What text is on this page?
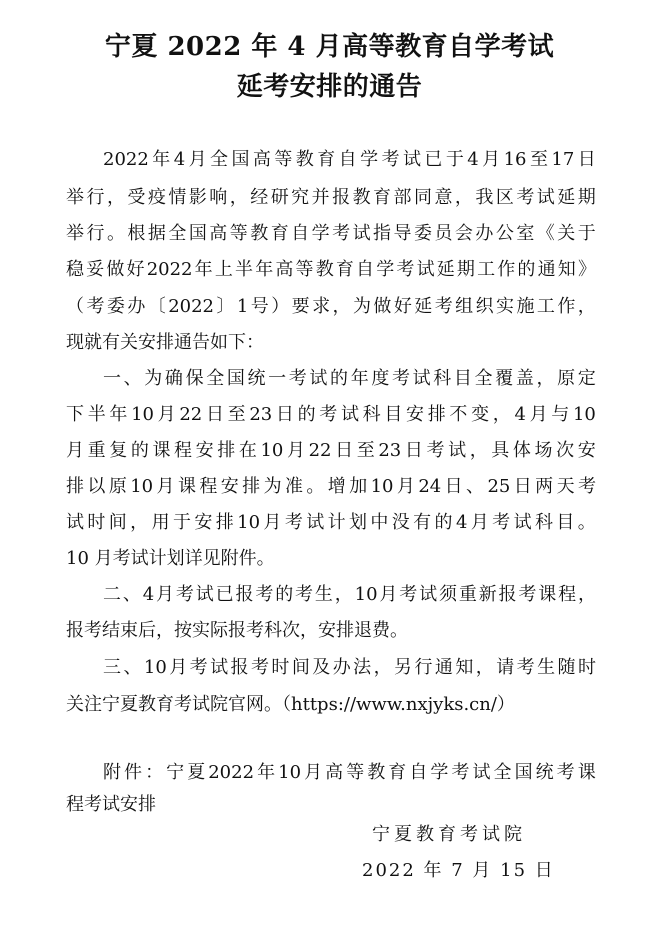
宁夏 2022 年 4 月高等教育自学考试
延考安排的通告
2022 年 4 月 全 国 高 等 教 育 自 学 考 试 已 于 4 月 16 至 17 日
举 行 ， 受 疫 情 影 响 ， 经 研 究 并 报 教 育 部 同 意 ， 我 区 考 试 延 期
举 行 。 根 据 全 国 高 等 教 育 自 学 考 试 指 导 委 员 会 办 公 室 《 关 于
稳 妥 做 好 2022 年 上 半 年 高 等 教 育 自 学 考 试 延 期 工 作 的 通 知 》
（ 考 委 办 〔 2022 〕 1 号 ） 要 求 ， 为 做 好 延 考 组 织 实 施 工 作 ，
现就有关安排通告如下：
一 、 为 确 保 全 国 统 一 考 试 的 年 度 考 试 科 目 全 覆 盖 ， 原 定
下 半 年 10 月 22 日 至 23 日 的 考 试 科 目 安 排 不 变 ， 4 月 与 10
月 重 复 的 课 程 安 排 在 10 月 22 日 至 23 日 考 试 ， 具 体 场 次 安
排 以 原 10 月 课 程 安 排 为 准 。 增 加 10 月 24 日 、 25 日 两 天 考
试 时 间 ， 用 于 安 排 10 月 考 试 计 划 中 没 有 的 4 月 考 试 科 目 。
10 月考试计划详见附件。
二 、 4 月 考 试 已 报 考 的 考 生 ， 10 月 考 试 须 重 新 报 考 课 程 ，
报考结束后，按实际报考科次，安排退费。
三 、 10 月 考 试 报 考 时 间 及 办 法 ， 另 行 通 知 ， 请 考 生 随 时
关注宁夏教育考试院官网。（https://www.nxjyks.cn/）
附 件 ： 宁 夏 2022 年 10 月 高 等 教 育 自 学 考 试 全 国 统 考 课
程考试安排
宁夏教育考试院
2022 年 7 月 15 日
